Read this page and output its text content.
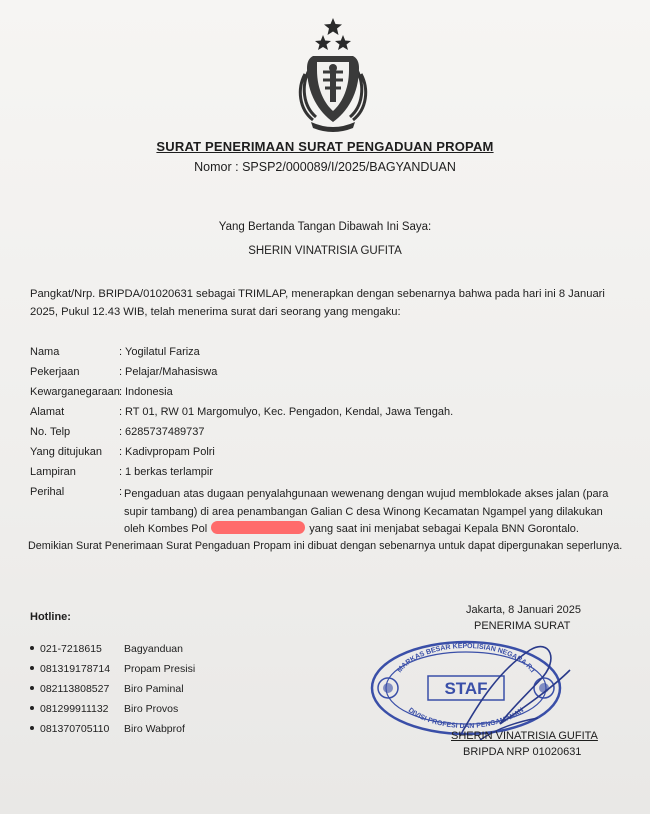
SURAT PENERIMAAN SURAT PENGADUAN PROPAM
Nomor : SPSP2/000089/I/2025/BAGYANDUAN
Yang Bertanda Tangan Dibawah Ini Saya:
SHERIN VINATRISIA GUFITA
Pangkat/Nrp. BRIPDA/01020631 sebagai TRIMLAP, menerapkan dengan sebenarnya bahwa pada hari ini 8 Januari 2025, Pukul 12.43 WIB, telah menerima surat dari seorang yang mengaku:
Nama	: Yogilatul Fariza
Pekerjaan	: Pelajar/Mahasiswa
Kewarganegaraan : Indonesia
Alamat	: RT 01, RW 01 Margomulyo, Kec. Pengadon, Kendal, Jawa Tengah.
No. Telp	: 6285737489737
Yang ditujukan : Kadivpropam Polri
Lampiran	: 1 berkas terlampir
Perihal	: Pengaduan atas dugaan penyalahgunaan wewenang dengan wujud memblokade akses jalan (para supir tambang) di area penambangan Galian C desa Winong Kecamatan Ngampel yang dilakukan oleh Kombes Pol	yang saat ini menjabat sebagai Kepala BNN Gorontalo.
Demikian Surat Penerimaan Surat Pengaduan Propam ini dibuat dengan sebenarnya untuk dapat dipergunakan seperlunya.
Hotline:
021-7218615 Bagyanduan
081319178714 Propam Presisi
082113808527 Biro Paminal
081299911132 Biro Provos
081370705110 Biro Wabprof
Jakarta, 8 Januari 2025
PENERIMA SURAT
MARKAS BESAR KEPOLISIAN NEGARA R.I
DIVISI PROFESI DAN PENGAMANAN
STAF
SHERIN VINATRISIA GUFITA
BRIPDA NRP 01020631
